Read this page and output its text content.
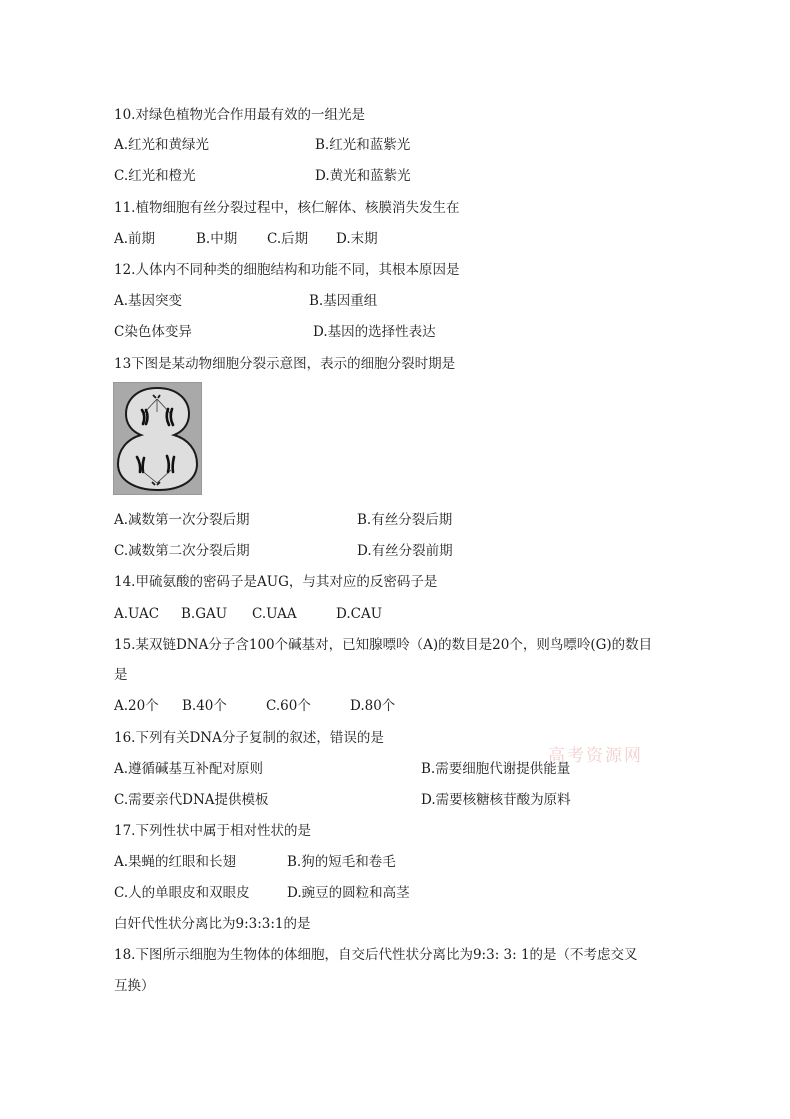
10.对绿色植物光合作用最有效的一组光是
A.红光和黄绿光	B.红光和蓝紫光
C.红光和橙光	D.黄光和蓝紫光
11.植物细胞有丝分裂过程中，核仁解体、核膜消失发生在
A.前期	B.中期 C.后期 D.末期
12.人体内不同种类的细胞结构和功能不同，其根本原因是
A.基因突变	B.基因重组
C染色体变异	D.基因的选择性表达
13下图是某动物细胞分裂示意图，表示的细胞分裂时期是
A.减数第一次分裂后期	B.有丝分裂后期
C.减数第二次分裂后期	D.有丝分裂前期
14.甲硫氨酸的密码子是AUG，与其对应的反密码子是
A.UAC B.GAU C.UAA	D.CAU
15.某双链DNA分子含100个碱基对，已知腺嘌呤（A)的数目是20个，则鸟嘌呤(G)的数目
是
A.20个 B.40个	C.60个	D.80个
16.下列有关DNA分子复制的叙述，错误的是
高考资源网
A.遵循碱基互补配对原则	B.需要细胞代谢提供能量
C.需要亲代DNA提供模板	D.需要核糖核苷酸为原料
17.下列性状中属于相对性状的是
A.果蝇的红眼和长翅	B.狗的短毛和卷毛
C.人的单眼皮和双眼皮	D.豌豆的圆粒和高茎
白奸代性状分离比为9:3:3:1的是
18.下图所示细胞为生物体的体细胞，自交后代性状分离比为9:3: 3: 1的是（不考虑交叉
互换）
